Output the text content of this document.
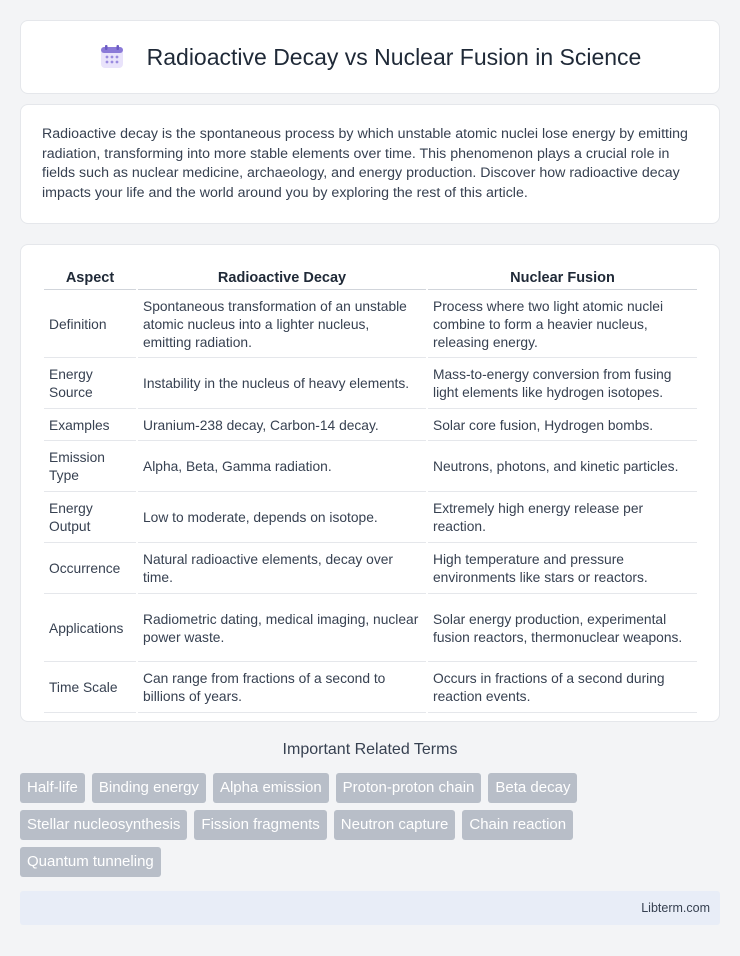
Radioactive Decay vs Nuclear Fusion in Science

Radioactive decay is the spontaneous process by which unstable atomic nuclei lose energy by emitting radiation, transforming into more stable elements over time. This phenomenon plays a crucial role in fields such as nuclear medicine, archaeology, and energy production. Discover how radioactive decay impacts your life and the world around you by exploring the rest of this article.

Aspect	Radioactive Decay	Nuclear Fusion
Definition	Spontaneous transformation of an unstable atomic nucleus into a lighter nucleus, emitting radiation.	Process where two light atomic nuclei combine to form a heavier nucleus, releasing energy.
Energy Source	Instability in the nucleus of heavy elements.	Mass-to-energy conversion from fusing light elements like hydrogen isotopes.
Examples	Uranium-238 decay, Carbon-14 decay.	Solar core fusion, Hydrogen bombs.
Emission Type	Alpha, Beta, Gamma radiation.	Neutrons, photons, and kinetic particles.
Energy Output	Low to moderate, depends on isotope.	Extremely high energy release per reaction.
Occurrence	Natural radioactive elements, decay over time.	High temperature and pressure environments like stars or reactors.
Applications	Radiometric dating, medical imaging, nuclear power waste.	Solar energy production, experimental fusion reactors, thermonuclear weapons.
Time Scale	Can range from fractions of a second to billions of years.	Occurs in fractions of a second during reaction events.
Important Related Terms
Half-life	Binding energy	Alpha emission	Proton-proton chain	Beta decay
Stellar nucleosynthesis	Fission fragments	Neutron capture	Chain reaction
Quantum tunneling
Libterm.com
